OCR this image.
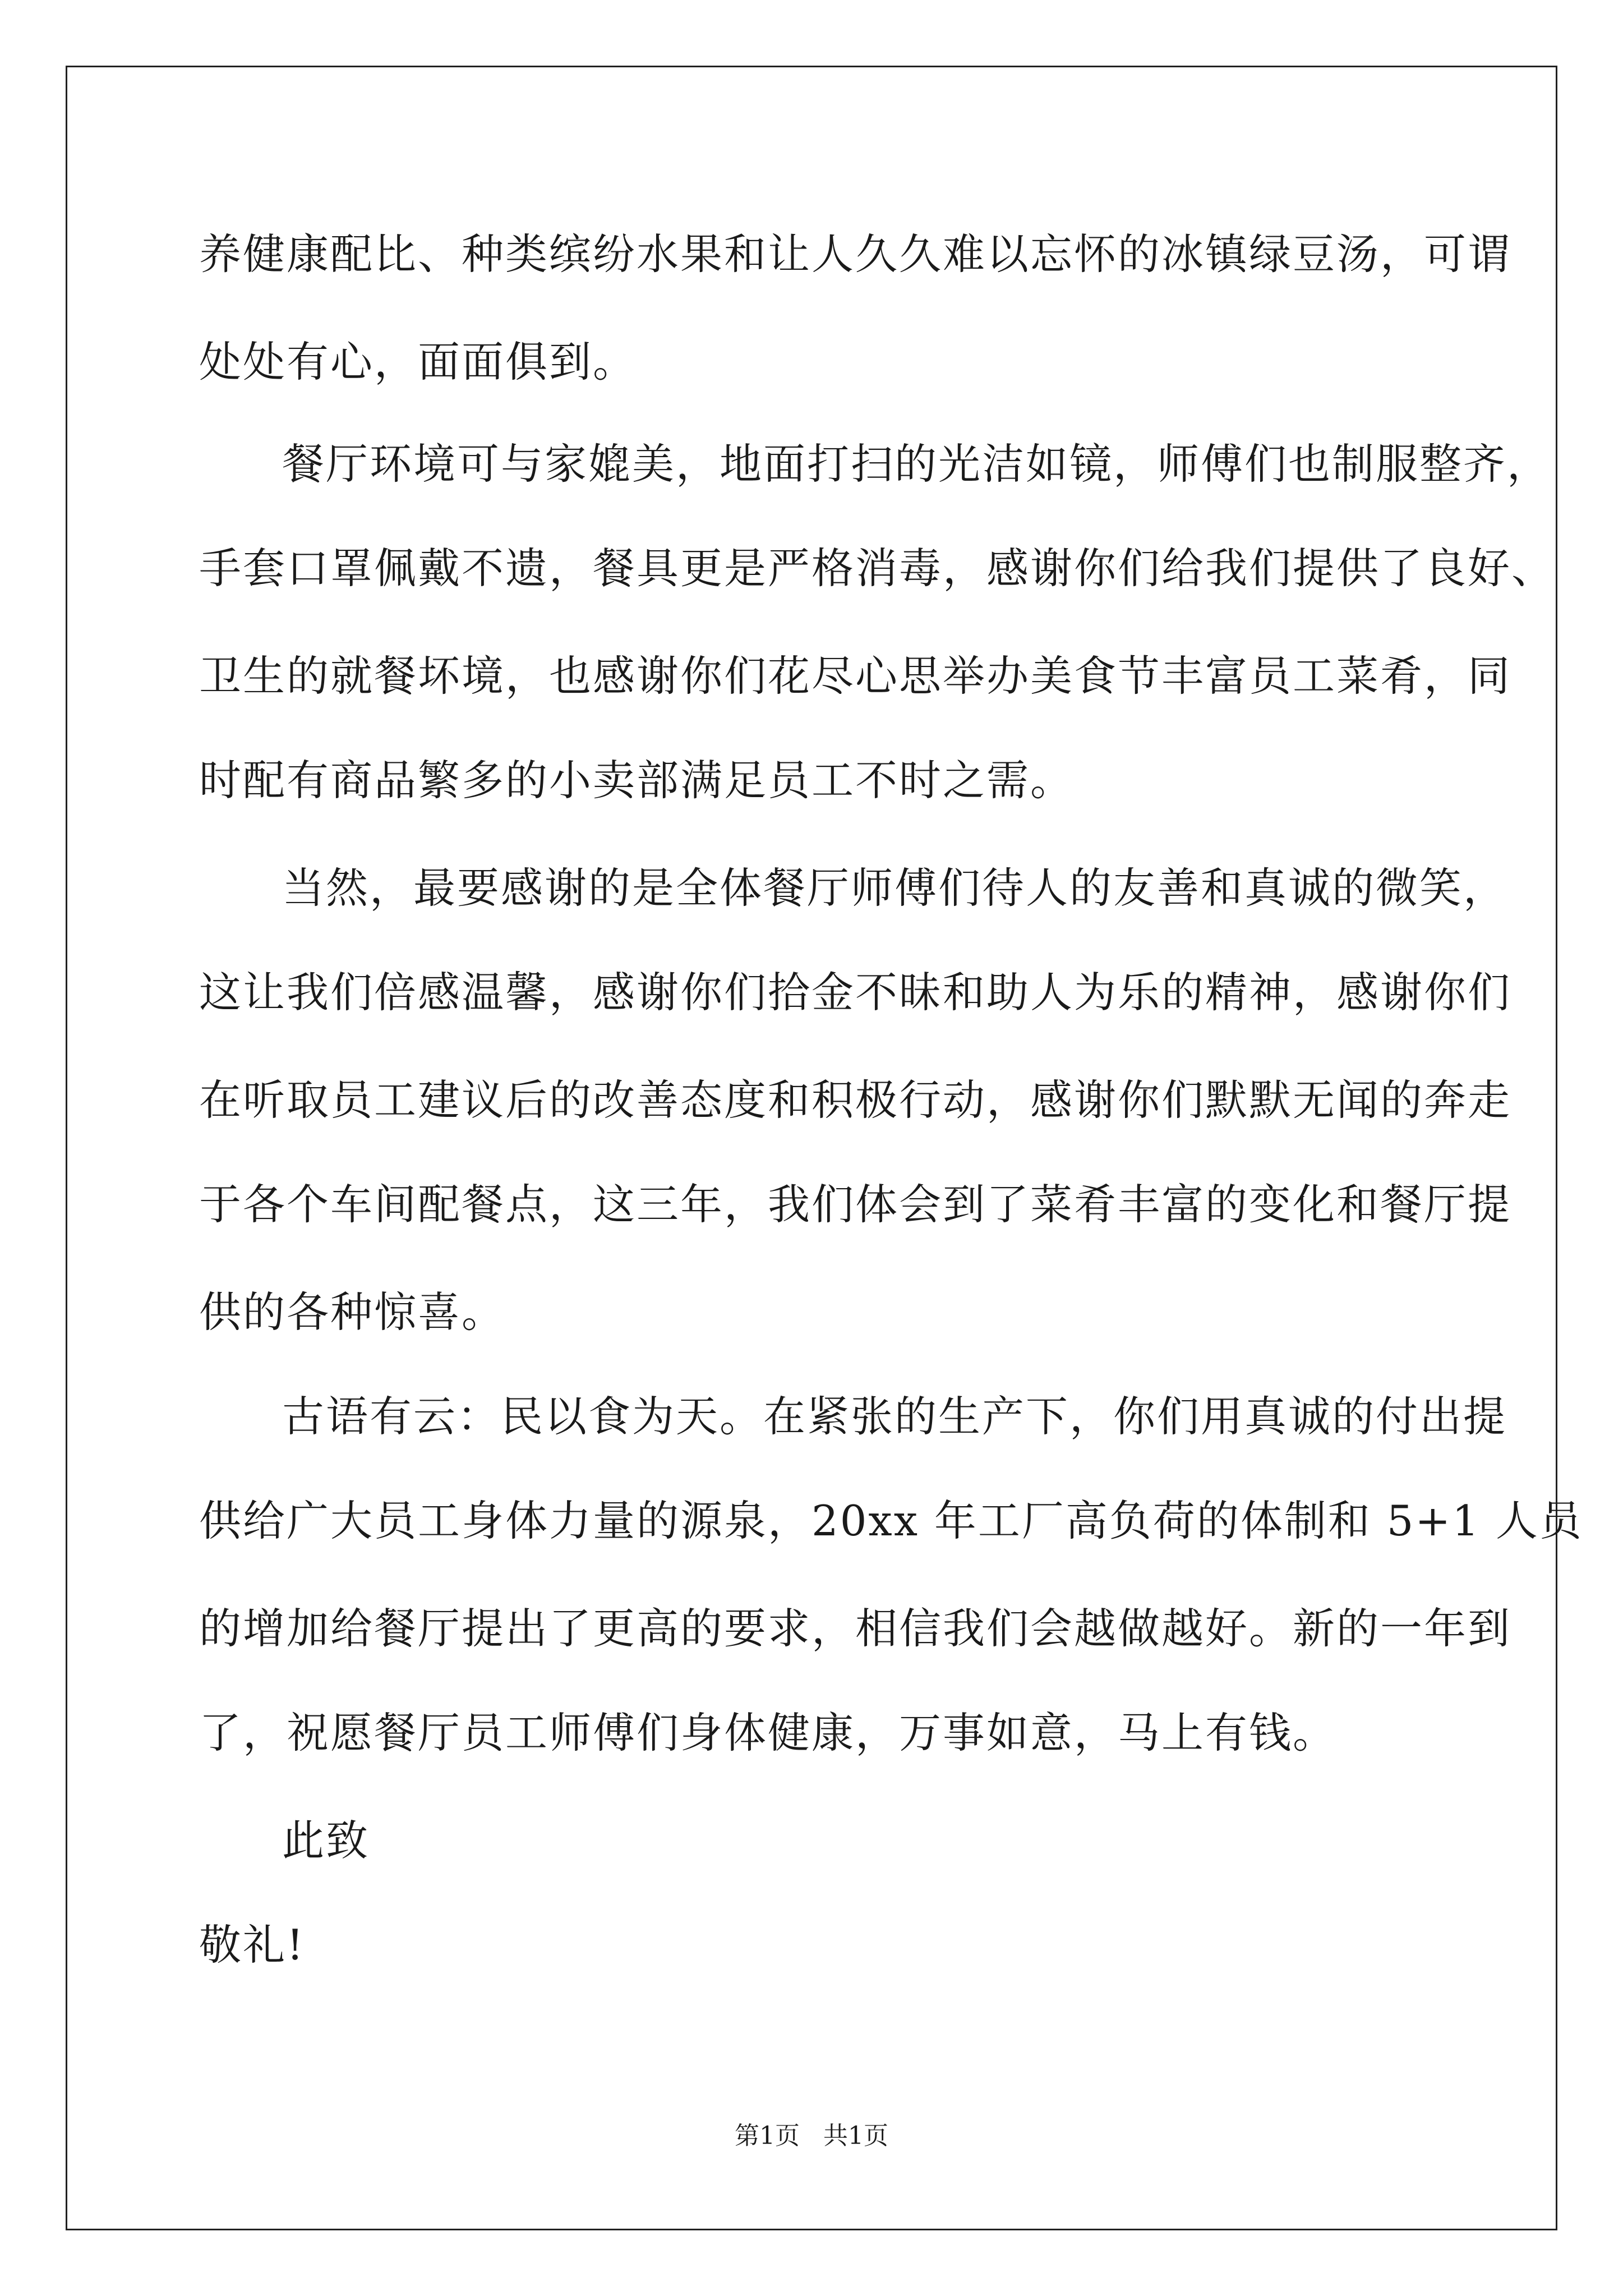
养健康配比、种类缤纷水果和让人久久难以忘怀的冰镇绿豆汤，可谓
处处有心，面面俱到。
餐厅环境可与家媲美，地面打扫的光洁如镜，师傅们也制服整齐，
手套口罩佩戴不遗，餐具更是严格消毒，感谢你们给我们提供了良好、
卫生的就餐坏境，也感谢你们花尽心思举办美食节丰富员工菜肴，同
时配有商品繁多的小卖部满足员工不时之需。
当然，最要感谢的是全体餐厅师傅们待人的友善和真诚的微笑，
这让我们倍感温馨，感谢你们拾金不昧和助人为乐的精神，感谢你们
在听取员工建议后的改善态度和积极行动，感谢你们默默无闻的奔走
于各个车间配餐点，这三年，我们体会到了菜肴丰富的变化和餐厅提
供的各种惊喜。
古语有云：民以食为天。在紧张的生产下，你们用真诚的付出提
供给广大员工身体力量的源泉，20xx 年工厂高负荷的体制和 5+1 人员
的增加给餐厅提出了更高的要求，相信我们会越做越好。新的一年到
了，祝愿餐厅员工师傅们身体健康，万事如意，马上有钱。
此致
敬礼!
第1页   共1页
